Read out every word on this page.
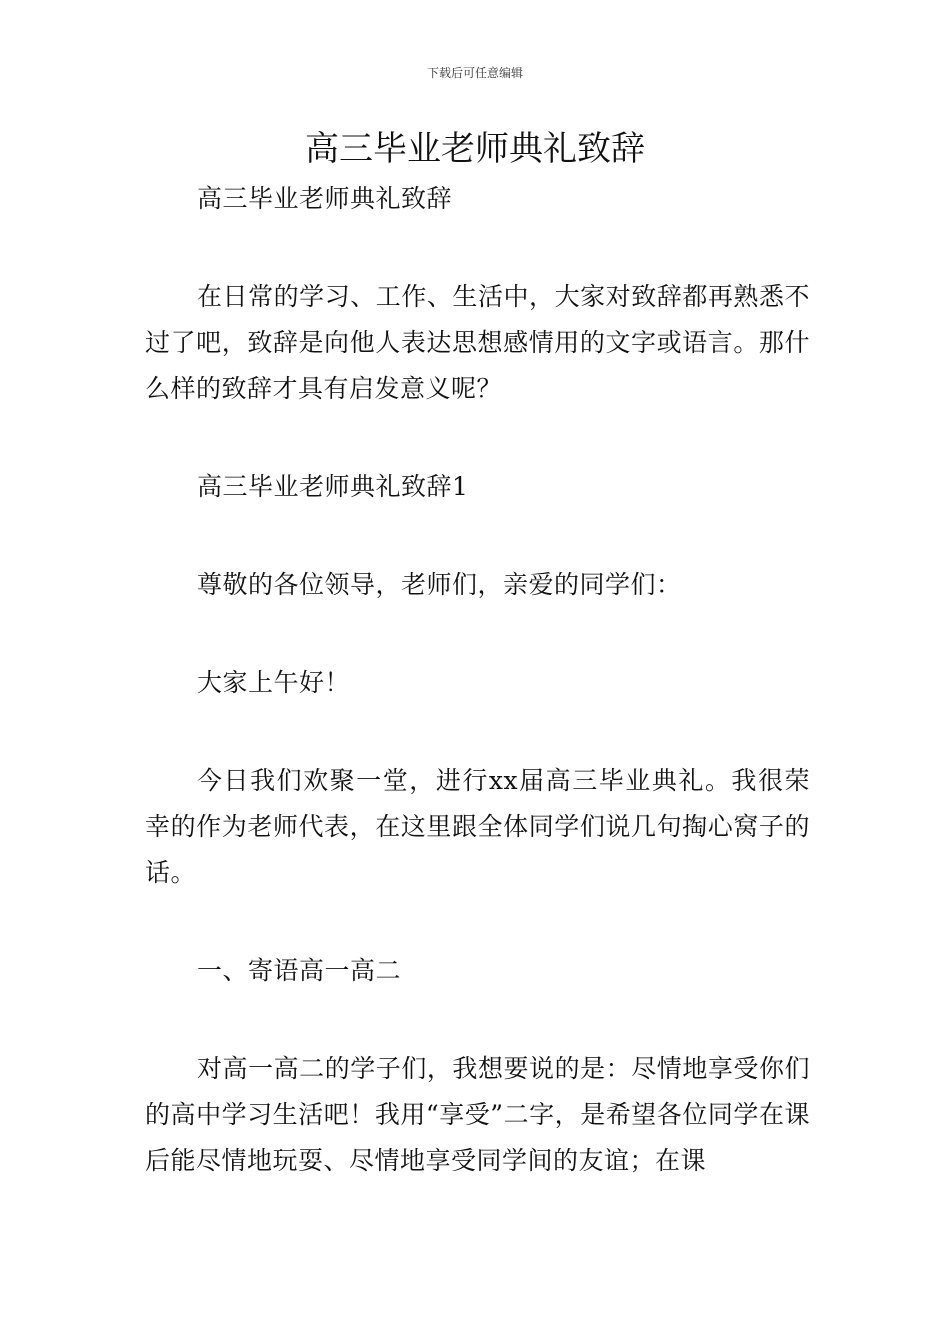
下载后可任意编辑
高三毕业老师典礼致辞

高三毕业老师典礼致辞

在日常的学习、工作、生活中，大家对致辞都再熟悉不过了吧，致辞是向他人表达思想感情用的文字或语言。那什么样的致辞才具有启发意义呢？

高三毕业老师典礼致辞1

尊敬的各位领导，老师们，亲爱的同学们：

大家上午好！

今日我们欢聚一堂，进行xx届高三毕业典礼。我很荣幸的作为老师代表，在这里跟全体同学们说几句掏心窝子的话。

一、寄语高一高二

对高一高二的学子们，我想要说的是：尽情地享受你们的高中学习生活吧！我用“享受”二字，是希望各位同学在课后能尽情地玩耍、尽情地享受同学间的友谊；在课
